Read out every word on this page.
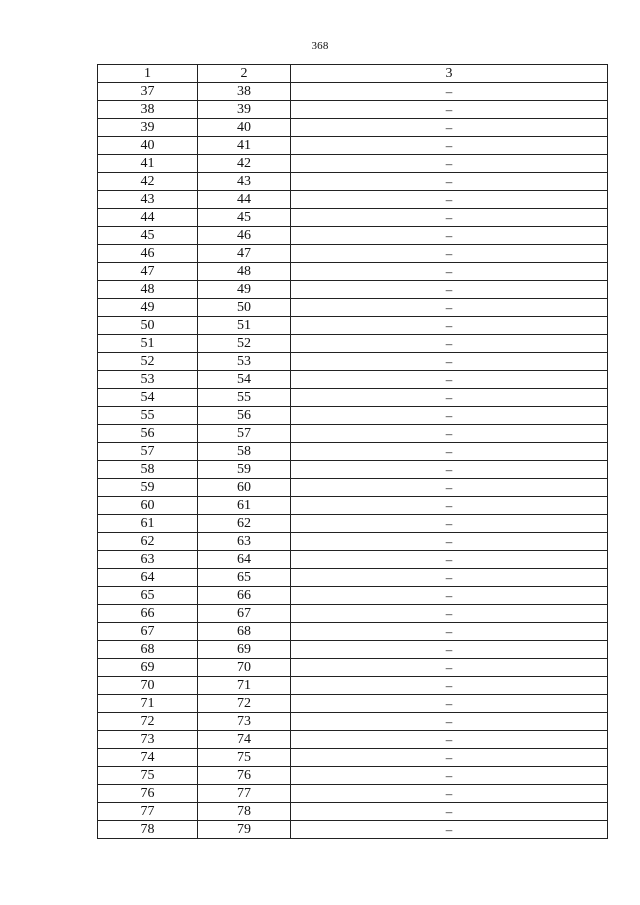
368
1	2	3
37	38	–
38	39	–
39	40	–
40	41	–
41	42	–
42	43	–
43	44	–
44	45	–
45	46	–
46	47	–
47	48	–
48	49	–
49	50	–
50	51	–
51	52	–
52	53	–
53	54	–
54	55	–
55	56	–
56	57	–
57	58	–
58	59	–
59	60	–
60	61	–
61	62	–
62	63	–
63	64	–
64	65	–
65	66	–
66	67	–
67	68	–
68	69	–
69	70	–
70	71	–
71	72	–
72	73	–
73	74	–
74	75	–
75	76	–
76	77	–
77	78	–
78	79	–
